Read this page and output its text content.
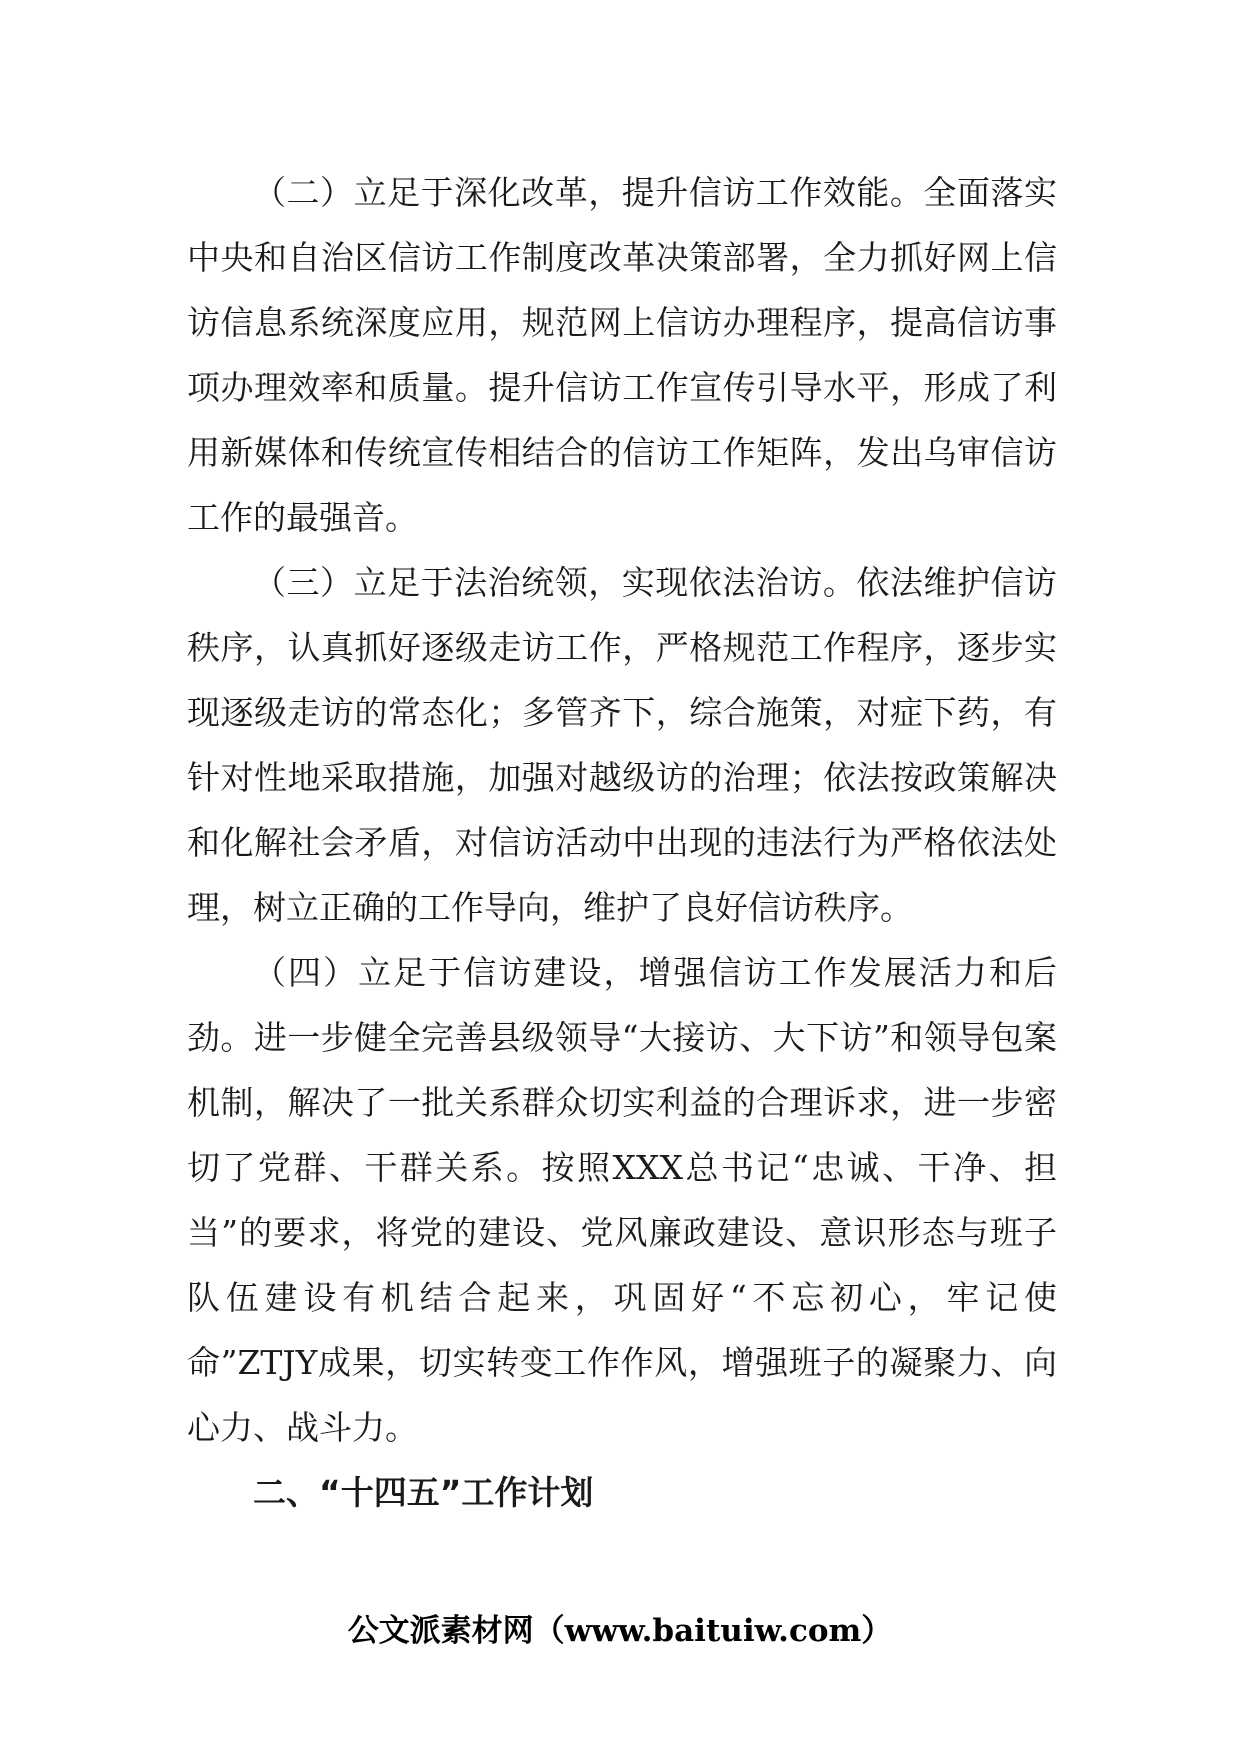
（二）立足于深化改革，提升信访工作效能。全面落实中央和自治区信访工作制度改革决策部署，全力抓好网上信访信息系统深度应用，规范网上信访办理程序，提高信访事项办理效率和质量。提升信访工作宣传引导水平，形成了利用新媒体和传统宣传相结合的信访工作矩阵，发出乌审信访工作的最强音。

（三）立足于法治统领，实现依法治访。依法维护信访秩序，认真抓好逐级走访工作，严格规范工作程序，逐步实现逐级走访的常态化；多管齐下，综合施策，对症下药，有针对性地采取措施，加强对越级访的治理；依法按政策解决和化解社会矛盾，对信访活动中出现的违法行为严格依法处理，树立正确的工作导向，维护了良好信访秩序。

（四）立足于信访建设，增强信访工作发展活力和后劲。进一步健全完善县级领导“大接访、大下访”和领导包案机制，解决了一批关系群众切实利益的合理诉求，进一步密切了党群、干群关系。按照XXX总书记“忠诚、干净、担当”的要求，将党的建设、党风廉政建设、意识形态与班子队伍建设有机结合起来，巩固好“不忘初心，牢记使命”ZTJY成果，切实转变工作作风，增强班子的凝聚力、向心力、战斗力。

二、“十四五”工作计划

公文派素材网（www.baituiw.com）
